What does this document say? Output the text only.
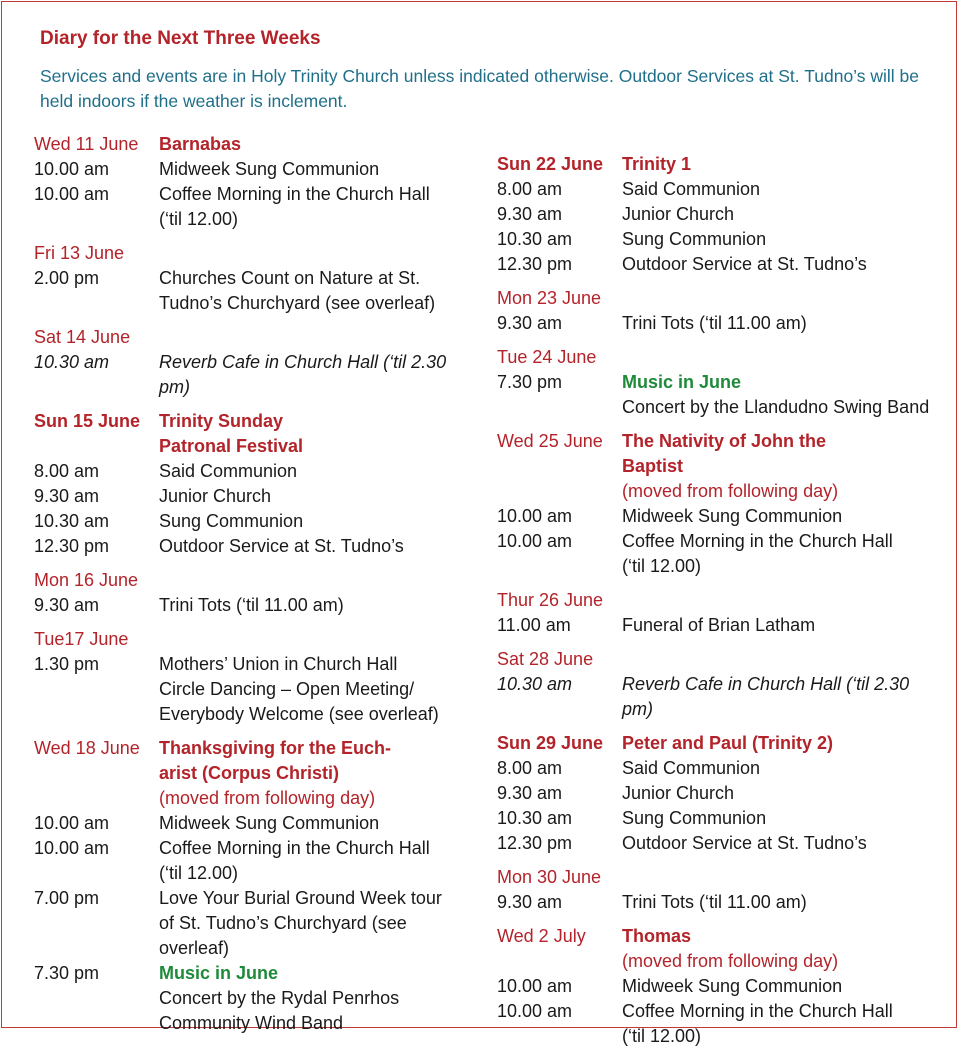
Diary for the Next Three Weeks
Services and events are in Holy Trinity Church unless indicated otherwise. Outdoor Services at St. Tudno’s will be held indoors if the weather is inclement.
Wed 11 June	Barnabas
10.00 am	Midweek Sung Communion
10.00 am	Coffee Morning in the Church Hall
(‘til 12.00)
Fri 13 June
2.00 pm	Churches Count on Nature at St.
Tudno’s Churchyard (see overleaf)
Sat 14 June
10.30 am	Reverb Cafe in Church Hall (‘til 2.30 pm)
Sun 15 June	Trinity Sunday
Patronal Festival
8.00 am	Said Communion
9.30 am	Junior Church
10.30 am	Sung Communion
12.30 pm	Outdoor Service at St. Tudno’s
Mon 16 June
9.30 am	Trini Tots (‘til 11.00 am)
Tue17 June
1.30 pm	Mothers’ Union in Church Hall
Circle Dancing – Open Meeting/
Everybody Welcome (see overleaf)
Wed 18 June	Thanksgiving for the Euch-
arist (Corpus Christi)
(moved from following day)
10.00 am	Midweek Sung Communion
10.00 am	Coffee Morning in the Church Hall
(‘til 12.00)
7.00 pm	Love Your Burial Ground Week tour
of St. Tudno’s Churchyard (see
overleaf)
7.30 pm	Music in June
Concert by the Rydal Penrhos
Community Wind Band
Sun 22 June	Trinity 1
8.00 am	Said Communion
9.30 am	Junior Church
10.30 am	Sung Communion
12.30 pm	Outdoor Service at St. Tudno’s
Mon 23 June
9.30 am	Trini Tots (‘til 11.00 am)
Tue 24 June
7.30 pm	Music in June
Concert by the Llandudno Swing Band
Wed 25 June	The Nativity of John the
Baptist
(moved from following day)
10.00 am	Midweek Sung Communion
10.00 am	Coffee Morning in the Church Hall
(‘til 12.00)
Thur 26 June
11.00 am	Funeral of Brian Latham
Sat 28 June
10.30 am	Reverb Cafe in Church Hall (‘til 2.30 pm)
Sun 29 June	Peter and Paul (Trinity 2)
8.00 am	Said Communion
9.30 am	Junior Church
10.30 am	Sung Communion
12.30 pm	Outdoor Service at St. Tudno’s
Mon 30 June
9.30 am	Trini Tots (‘til 11.00 am)
Wed 2 July	Thomas
(moved from following day)
10.00 am	Midweek Sung Communion
10.00 am	Coffee Morning in the Church Hall
(‘til 12.00)
